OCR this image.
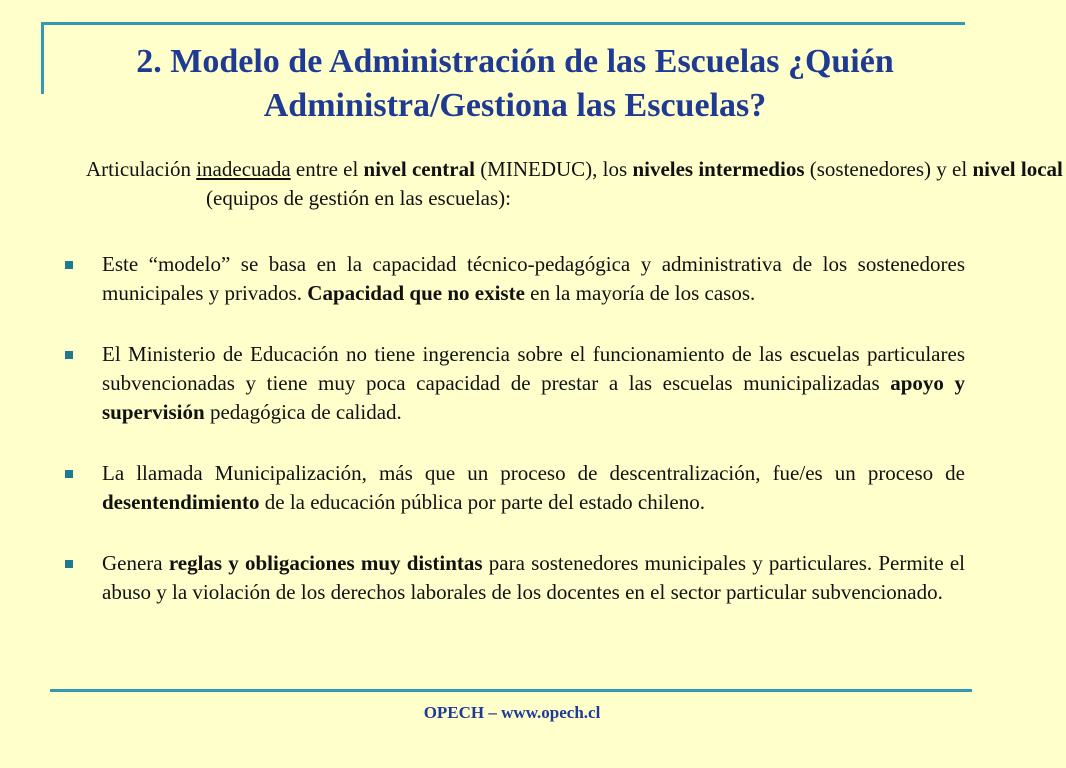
2. Modelo de Administración de las Escuelas ¿Quién Administra/Gestiona las Escuelas?
Articulación inadecuada entre el nivel central (MINEDUC), los niveles intermedios (sostenedores) y el nivel local (equipos de gestión en las escuelas):
Este “modelo” se basa en la capacidad técnico-pedagógica y administrativa de los sostenedores municipales y privados. Capacidad que no existe en la mayoría de los casos.
El Ministerio de Educación no tiene ingerencia sobre el funcionamiento de las escuelas particulares subvencionadas y tiene muy poca capacidad de prestar a las escuelas municipalizadas apoyo y supervisión pedagógica de calidad.
La llamada Municipalización, más que un proceso de descentralización, fue/es un proceso de desentendimiento de la educación pública por parte del estado chileno.
Genera reglas y obligaciones muy distintas para sostenedores municipales y particulares. Permite el abuso y la violación de los derechos laborales de los docentes en el sector particular subvencionado.
OPECH – www.opech.cl
